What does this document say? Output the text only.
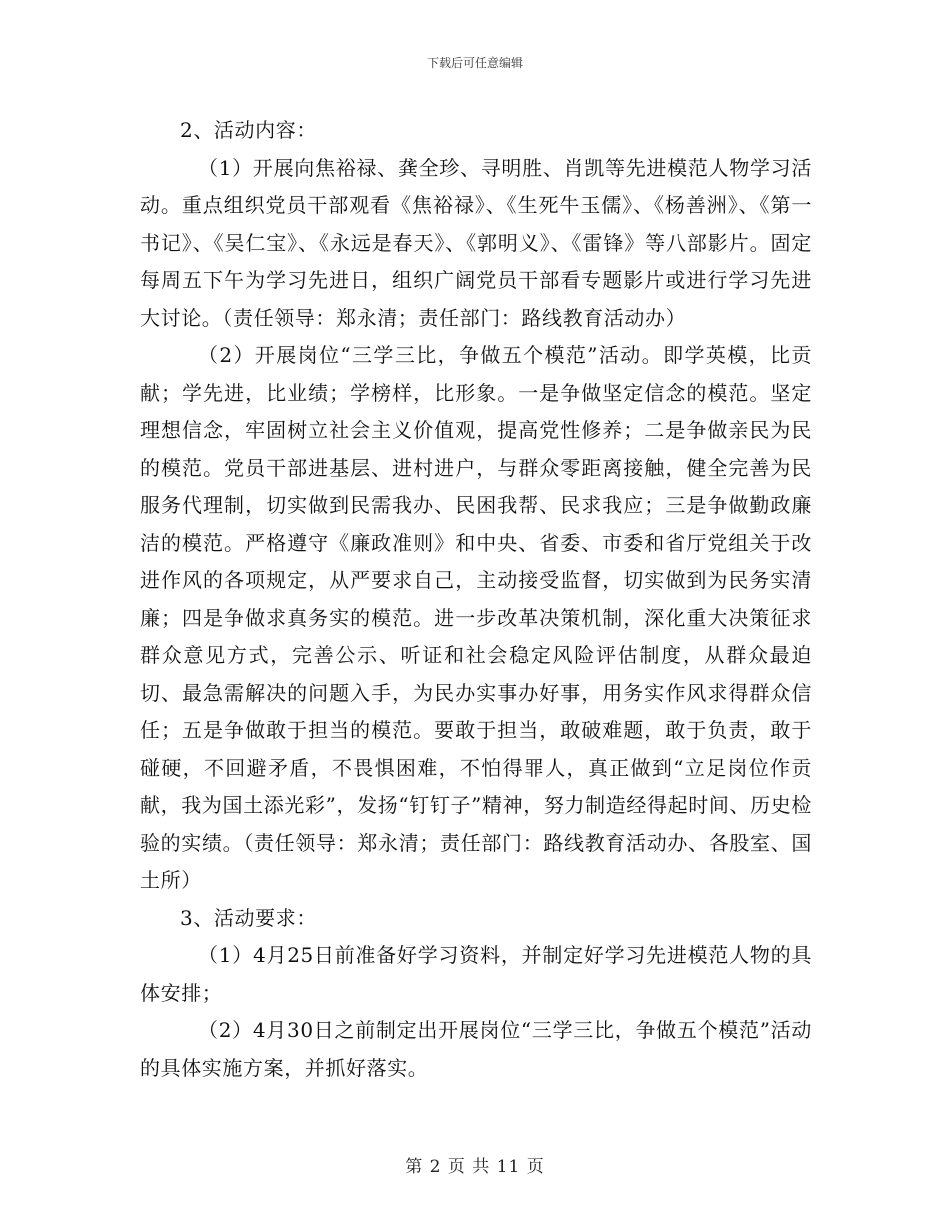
下载后可任意编辑

2、活动内容：

（1）开展向焦裕禄、龚全珍、寻明胜、肖凯等先进模范人物学习活动。重点组织党员干部观看《焦裕禄》、《生死牛玉儒》、《杨善洲》、《第一书记》、《吴仁宝》、《永远是春天》、《郭明义》、《雷锋》等八部影片。固定每周五下午为学习先进日，组织广阔党员干部看专题影片或进行学习先进大讨论。（责任领导：郑永清；责任部门：路线教育活动办）

（2）开展岗位“三学三比，争做五个模范”活动。即学英模，比贡献；学先进，比业绩；学榜样，比形象。一是争做坚定信念的模范。坚定理想信念，牢固树立社会主义价值观，提高党性修养；二是争做亲民为民的模范。党员干部进基层、进村进户，与群众零距离接触，健全完善为民服务代理制，切实做到民需我办、民困我帮、民求我应；三是争做勤政廉洁的模范。严格遵守《廉政准则》和中央、省委、市委和省厅党组关于改进作风的各项规定，从严要求自己，主动接受监督，切实做到为民务实清廉；四是争做求真务实的模范。进一步改革决策机制，深化重大决策征求群众意见方式，完善公示、听证和社会稳定风险评估制度，从群众最迫切、最急需解决的问题入手，为民办实事办好事，用务实作风求得群众信任；五是争做敢于担当的模范。要敢于担当，敢破难题，敢于负责，敢于碰硬，不回避矛盾，不畏惧困难，不怕得罪人，真正做到“立足岗位作贡献，我为国土添光彩”，发扬“钉钉子”精神，努力制造经得起时间、历史检验的实绩。（责任领导：郑永清；责任部门：路线教育活动办、各股室、国土所）

3、活动要求：

（1）4月25日前准备好学习资料，并制定好学习先进模范人物的具体安排；

（2）4月30日之前制定出开展岗位“三学三比，争做五个模范”活动的具体实施方案，并抓好落实。

第 2 页 共 11 页
